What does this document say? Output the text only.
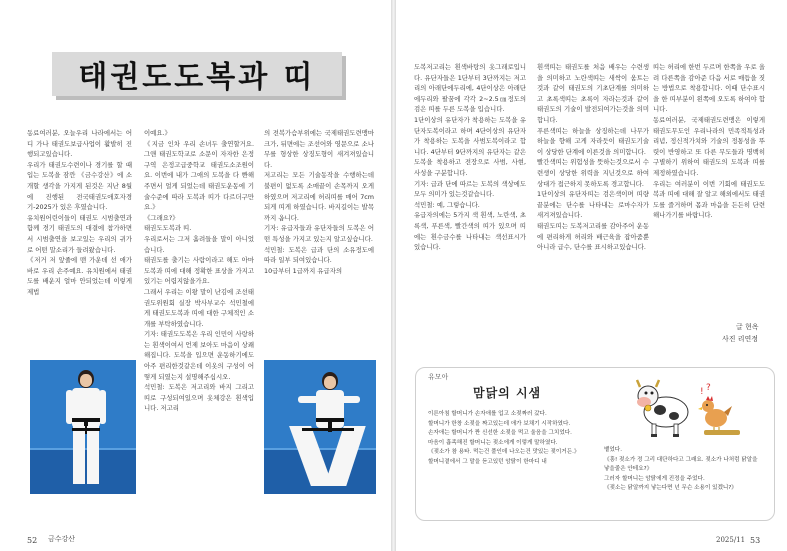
태권도도복과 띠

동료여러분, 오늘우리 나라에서는 어디 가나 태권도보급사업이 활발히 진행되고있습니다.

우리가 태권도수련이나 경기를 할 때 입는 도복을 잠깐 《금수강산》에 소개할 생각을 가지게 된것은 지난 8월에 진행된 전국태권도애호자경기-2025가 있은 후였습니다.

유치원어린이들이 태권도 시범출연과 함께 경기 태권도의 대결에 참가하면서 시범출연을 보고있는 우리의 귀가로 어떤 말소리가 들려왔습니다.

《저거 저 앞줄에 맨 가운데 선 애가 바로 우리 손주예요. 유치원에서 태권도를 배운지 얼마 안되었는데 이렇게 제법

이예요.》

《지금 인차 우리 손녀두 출연할거요. 그앤 태권도학교로 소문이 자자한 은정구역 은정고급중학교 태권도소조원이요. 이번에 내가 그애의 도복을 다 빤해주면서 얼게 되었는데 태권도운동에 기술수준에 따라 도복과 띠가 다르더구만요.》

《그래요?》

태권도도복과 띠.

우리로서는 그저 흘려들을 말이 아니었습니다.

태권도를 출기는 사람이라고 해도 아마 도복과 띠에 대해 정확한 표상을 가지고있기는 어렵지않을가요.

그래서 우리는 이왕 말이 난김에 조선태권도위원회 실장 박사부교수 석민철에게 태권도도복과 띠에 대한 구체적인 소개를 부탁하였습니다.

기자: 태권도도복은 우리 인민이 사랑하는 흰색이여서 언제 보아도 마음이 상쾌해집니다. 도복을 입으면 운동하기에도 아주 편리한것같은데 이옷의 구성이 어떻게 되였는지 설명해주십시오.

석민철: 도복은 저고리와 바지 그리고 띠로 구성되여있으며 옷체강은 흰색입니다. 저고리

의 전복가슴부위에는 국제태권도련맹마크가, 뒤면에는 조선어와 영문으로 소나무를 형상한 상징도형이 새겨져있습니다.

저고리는 모든 기술동작을 수행하는데 불편이 없도록 소매끝이 손목까지 오게 하였으며 저고리에 허리띠를 매어 7cm되게 띠게 하였습니다. 바지길이는 발목까지 옵니다.

기자: 유급자들과 유단자들의 도복은 어떤 특성을 가지고 있는지 알고싶습니다.

석민철: 도복은 급과 단의 소유정도에 따라 일부 되여있습니다.

10급부터 1급까지 유급자의

도복저고리는 흰색바탕의 옷그래로입니다. 유단자들은 1단부터 3단까지는 저고리의 아래단에두리에, 4단이상은 아래단에두리와 팔꿈에 각각 2~2.5㎝정도의 검은 띠를 두른 도복을 입습니다.

1단이상의 유단자가 착용하는 도복을 유단자도복이라고 하며 4단이상의 유단자가 착용하는 도복을 사범도복이라고 합니다. 4단부터 9단까지의 유단자는 같은 도복을 착용하고 전장으로 사범, 사현, 사성을 구분합니다.

기자: 급과 단에 따르는 도복의 색상에도 모두 의미가 있는것같습니다.

석민철: 예, 그렇습니다.

유급자의에는 5가지 색 흰색, 노란색, 초록색, 푸른색, 빨간색의 띠가 있으며 띠에는 흰수금수를 나타내는 색선표시가 있습니다.

흰색띠는 태권도를 처음 배우는 수련생을 의미하고 노란색띠는 새싹이 움트는것과 같이 태권도의 기초단계를 의미하고 초록색띠는 초록이 자라는것과 같이 태권도의 기술이 발전되여가는것을 의미합니다.

푸른색띠는 하늘을 상징하는데 나무가 하늘을 향해 고게 자라듯이 태권도기술이 상당한 단계에 이른것을 의미합니다.

빨간색띠는 위험성을 뜻하는것으로서 수련생이 상당한 위력을 지닌것으로 하여 상대가 접근하지 못하도록 경고합니다.

1단이상의 유단자띠는 검은색이며 띠량끝분에는 단수를 나타내는 로마수자가 새겨져있습니다.

태권도띠는 도복저고리를 감아주어 운동에 편리하게 허리와 배근육을 잡아줌뿐아니라 급수, 단수를 표시하고있습니다.

띠는 허리에 한번 두르며 한쪽을 우로 올려 다른쪽을 감아준 다음 서로 매듭을 짓는 방법으로 착용합니다. 이때 단수표시을 한 띠부분이 왼쪽에 오도록 하여야 합니다.

동료여러분, 국제태권도련맹은 이렇게 태권도무도인 우리나라의 민족적특성과 리념, 정신적가치와 기술의 정통성을 뚜렷이 반영하고 또 다른 무도들과 명백히 구별하기 위하여 태권도의 도복과 띠를 제정하였습니다.

우리는 여러분이 이번 기회에 태권도도복과 띠에 대해 잘 알고 해외에서도 태권도를 즐거하며 몸과 마음을 든든히 단련해나가기를 바랍니다.

글 현옥
사진 리연정
유모아
맘닭의 시샘

이른아침 할머니가 손자애를 업고 소젖짜러 갔다.

할머니가 한창 소젖을 짜고있는데 애가 보채기 시작하였다.

손자애는 할머니가 짠 신선한 소젖을 먹고 울음을 그치었다.

마음이 흡족해진 할머니는 젖소에게 이렇게 말하였다.

《젖소가 참 용타. 먹는건 풀인데 나오는건 맛있는 젖이거든.》

할머니곁에서 그 말을 듣고있던 암탉이 한마디 내

뱉었다.

《흥! 젖소가 정 그리 대단하다고 그래요. 젖소가 나처럼 닭알을 낳을줄은 안테요?》

그러자 할머니는 암탉에게 진정을 주었다.

《젖소는 닭알까지 낳는다면 넌 무슨 소용이 있겠니?》

! ?
52 금수강산	2025/11 53
